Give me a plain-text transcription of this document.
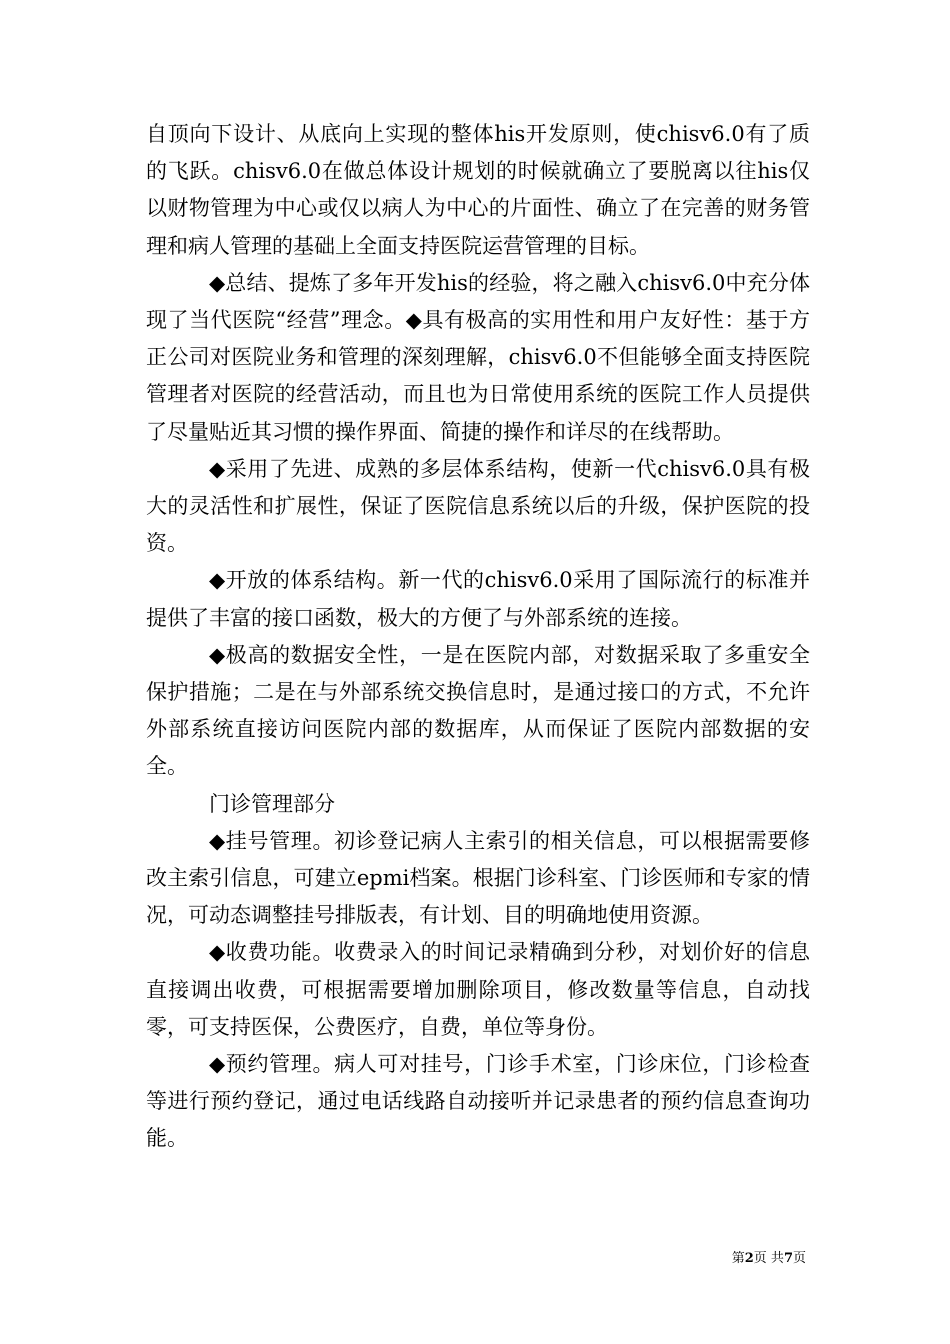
自顶向下设计、从底向上实现的整体his开发原则，使chisv6.0有了质的飞跃。chisv6.0在做总体设计规划的时候就确立了要脱离以往his仅以财物管理为中心或仅以病人为中心的片面性、确立了在完善的财务管理和病人管理的基础上全面支持医院运营管理的目标。

◆总结、提炼了多年开发his的经验，将之融入chisv6.0中充分体现了当代医院“经营”理念。◆具有极高的实用性和用户友好性：基于方正公司对医院业务和管理的深刻理解，chisv6.0不但能够全面支持医院管理者对医院的经营活动，而且也为日常使用系统的医院工作人员提供了尽量贴近其习惯的操作界面、简捷的操作和详尽的在线帮助。

◆采用了先进、成熟的多层体系结构，使新一代chisv6.0具有极大的灵活性和扩展性，保证了医院信息系统以后的升级，保护医院的投资。

◆开放的体系结构。新一代的chisv6.0采用了国际流行的标准并提供了丰富的接口函数，极大的方便了与外部系统的连接。

◆极高的数据安全性，一是在医院内部，对数据采取了多重安全保护措施；二是在与外部系统交换信息时，是通过接口的方式，不允许外部系统直接访问医院内部的数据库，从而保证了医院内部数据的安全。

门诊管理部分

◆挂号管理。初诊登记病人主索引的相关信息，可以根据需要修改主索引信息，可建立epmi档案。根据门诊科室、门诊医师和专家的情况，可动态调整挂号排版表，有计划、目的明确地使用资源。

◆收费功能。收费录入的时间记录精确到分秒，对划价好的信息直接调出收费，可根据需要增加删除项目，修改数量等信息，自动找零，可支持医保，公费医疗，自费，单位等身份。

◆预约管理。病人可对挂号，门诊手术室，门诊床位，门诊检查等进行预约登记，通过电话线路自动接听并记录患者的预约信息查询功能。

第2页 共7页
